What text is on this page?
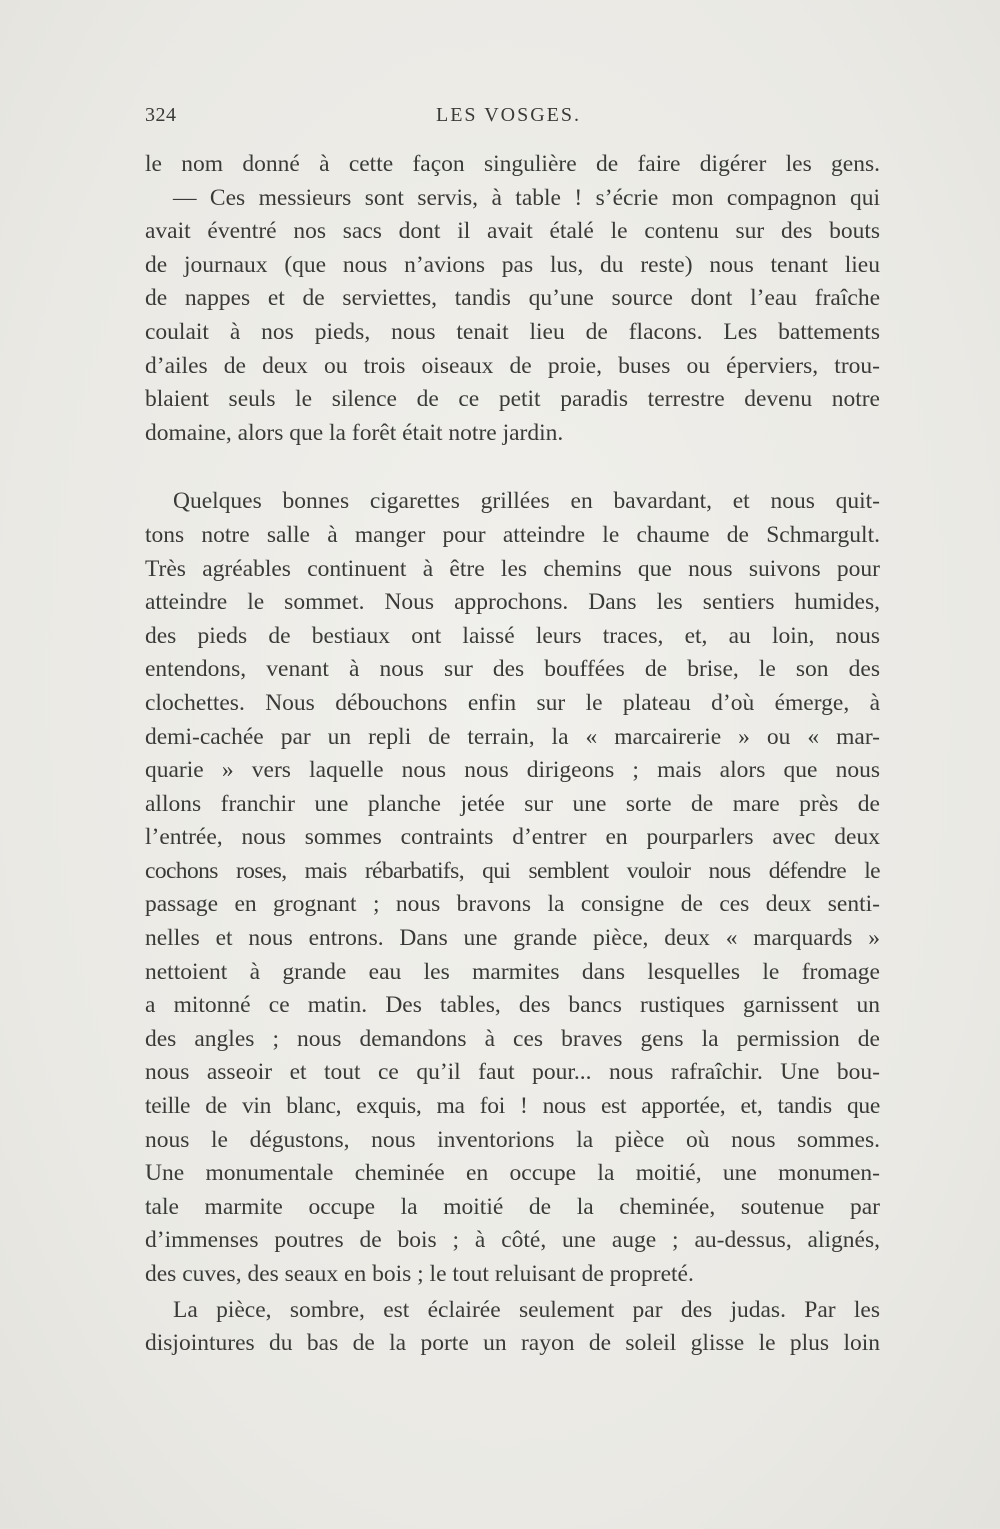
324	LES VOSGES.
le nom donné à cette façon singulière de faire digérer les gens.
— Ces messieurs sont servis, à table ! s’écrie mon compagnon qui
avait éventré nos sacs dont il avait étalé le contenu sur des bouts
de journaux (que nous n’avions pas lus, du reste) nous tenant lieu
de nappes et de serviettes, tandis qu’une source dont l’eau fraîche
coulait à nos pieds, nous tenait lieu de flacons. Les battements
d’ailes de deux ou trois oiseaux de proie, buses ou éperviers, trou-
blaient seuls le silence de ce petit paradis terrestre devenu notre
domaine, alors que la forêt était notre jardin.
Quelques bonnes cigarettes grillées en bavardant, et nous quit-
tons notre salle à manger pour atteindre le chaume de Schmargult.
Très agréables continuent à être les chemins que nous suivons pour
atteindre le sommet. Nous approchons. Dans les sentiers humides,
des pieds de bestiaux ont laissé leurs traces, et, au loin, nous
entendons, venant à nous sur des bouffées de brise, le son des
clochettes. Nous débouchons enfin sur le plateau d’où émerge, à
demi-cachée par un repli de terrain, la « marcairerie » ou « mar-
quarie » vers laquelle nous nous dirigeons ; mais alors que nous
allons franchir une planche jetée sur une sorte de mare près de
l’entrée, nous sommes contraints d’entrer en pourparlers avec deux
cochons roses, mais rébarbatifs, qui semblent vouloir nous défendre le
passage en grognant ; nous bravons la consigne de ces deux senti-
nelles et nous entrons. Dans une grande pièce, deux « marquards »
nettoient à grande eau les marmites dans lesquelles le fromage
a mitonné ce matin. Des tables, des bancs rustiques garnissent un
des angles ; nous demandons à ces braves gens la permission de
nous asseoir et tout ce qu’il faut pour... nous rafraîchir. Une bou-
teille de vin blanc, exquis, ma foi ! nous est apportée, et, tandis que
nous le dégustons, nous inventorions la pièce où nous sommes.
Une monumentale cheminée en occupe la moitié, une monumen-
tale marmite occupe la moitié de la cheminée, soutenue par
d’immenses poutres de bois ; à côté, une auge ; au-dessus, alignés,
des cuves, des seaux en bois ; le tout reluisant de propreté.
La pièce, sombre, est éclairée seulement par des judas. Par les
disjointures du bas de la porte un rayon de soleil glisse le plus loin
